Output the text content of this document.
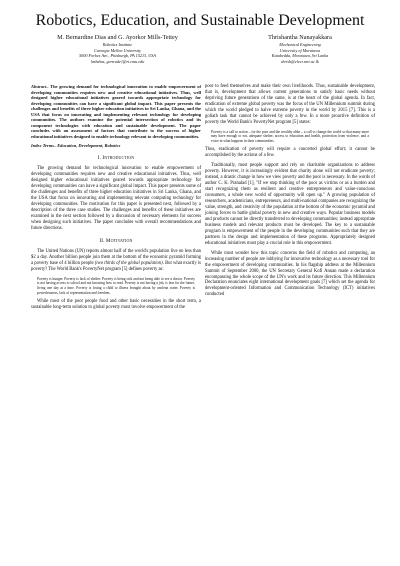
Robotics, Education, and Sustainable Development
M. Bernardine Dias and G. Ayorkor Mills-Tettey
Robotics Institute
Carnegie Mellon University
5000 Forbes Ave., Pittsburgh, PA 15213, USA
{mbdias, gertrude}@ri.cmu.edu
Thrishantha Nanayakkara
Mechanical Engineering
University of Moratuwa
Katubedda, Moratuwa, Sri Lanka
thrish@elect.mrt.ac.lk

Abstract– The growing demand for technological innovation to enable empowerment of developing communities requires new and creative educational initiatives. Thus, well designed higher educational initiatives geared towards appropriate technology for developing communities can have a significant global impact. This paper presents the challenges and benefits of three higher education initiatives in Sri Lanka, Ghana, and the USA that focus on innovating and implementing relevant technology for developing communities. The authors examine the potential intersection of robotics and its component technologies with education and sustainable development. The paper concludes with an assessment of factors that contribute to the success of higher educational initiatives designed to enable technology relevant to developing communities.

Index Terms– Education, Development, Robotics

I. Introduction

The growing demand for technological innovation to enable empowerment of developing communities requires new and creative educational initiatives. Thus, well designed higher educational initiatives geared towards appropriate technology for developing communities can have a significant global impact. This paper presents some of the challenges and benefits of three higher education initiatives in Sri Lanka, Ghana, and the USA that focus on innovating and implementing relevant computing technology for developing communities. The motivation for this paper is presented next, followed by a description of the three case studies. The challenges and benefits of these initiatives are examined in the next section followed by a discussion of necessary elements for success when designing such initiatives. The paper concludes with overall recommendations and future directions.

II. Motivation

The United Nations (UN) reports almost half of the world's population live on less than $2 a day. Another billion people join them at the bottom of the economic pyramid forming a poverty base of 4 billion people (two thirds of the global population). But what exactly is poverty? The World Bank's PovertyNet program [5] defines poverty as:

Poverty is hunger. Poverty is lack of shelter. Poverty is being sick and not being able to see a doctor. Poverty is not having access to school and not knowing how to read. Poverty is not having a job, is fear for the future, living one day at a time. Poverty is losing a child to illness brought about by unclean water. Poverty is powerlessness, lack of representation and freedom.

While most of the poor people food and other basic necessities in the short term, a sustainable long-term solution to global poverty must involve empowerment of the

poor to feed themselves and make their own livelihoods. Thus, sustainable development, that is, development that allows current generations to satisfy basic needs without depriving future generations of the same, is at the heart of the global agenda. In fact, eradication of extreme global poverty was the focus of the UN Millennium summit during which the world pledged to halve extreme poverty in the world by 2015 [7]. This is a goliath task that cannot be achieved by only a few. In a more proactive definition of poverty the World Bank's PovertyNet program [5] states:

Poverty is a call to action – for the poor and the wealthy alike – a call to change the world so that many more may have enough to eat, adequate shelter, access to education and health, protection from violence, and a voice in what happens in their communities.

Thus, eradication of poverty will require a concerted global effort; it cannot be accomplished by the actions of a few.

Traditionally, most people support and rely on charitable organizations to address poverty. However, it is increasingly evident that charity alone will not eradicate poverty; instead, a drastic change in how we view poverty and the poor is necessary. In the words of author C. K. Prahalad [1], "If we stop thinking of the poor as victims or as a burden and start recognizing them as resilient and creative entrepreneurs and value-conscious consumers, a whole new world of opportunity will open up." A growing population of researchers, academicians, entrepreneurs, and multi-national companies are recognizing the value, strength, and creativity of the population at the bottom of the economic pyramid and joining forces to battle global poverty in new and creative ways. Popular business models and products cannot be directly transferred to developing communities; instead appropriate business models and relevant products must be developed. The key to a sustainable program is empowerment of the people in the developing communities such that they are partners in the design and implementation of these programs. Appropriately designed educational initiatives must play a crucial role in this empowerment.

While most wonder how this topic concerns the field of robotics and computing, an increasing number of people are lobbying for innovative technology as a necessary tool for the empowerment of developing communities. In his flagship address at the Millennium Summit of September 2000, the UN Secretary General Kofi Annan made a declaration encompassing the whole scope of the UN's work and its future direction. This Millennium Declaration enunciates eight international development goals [7] which set the agenda for development-oriented Information and Communication Technology (ICT) initiatives conducted
